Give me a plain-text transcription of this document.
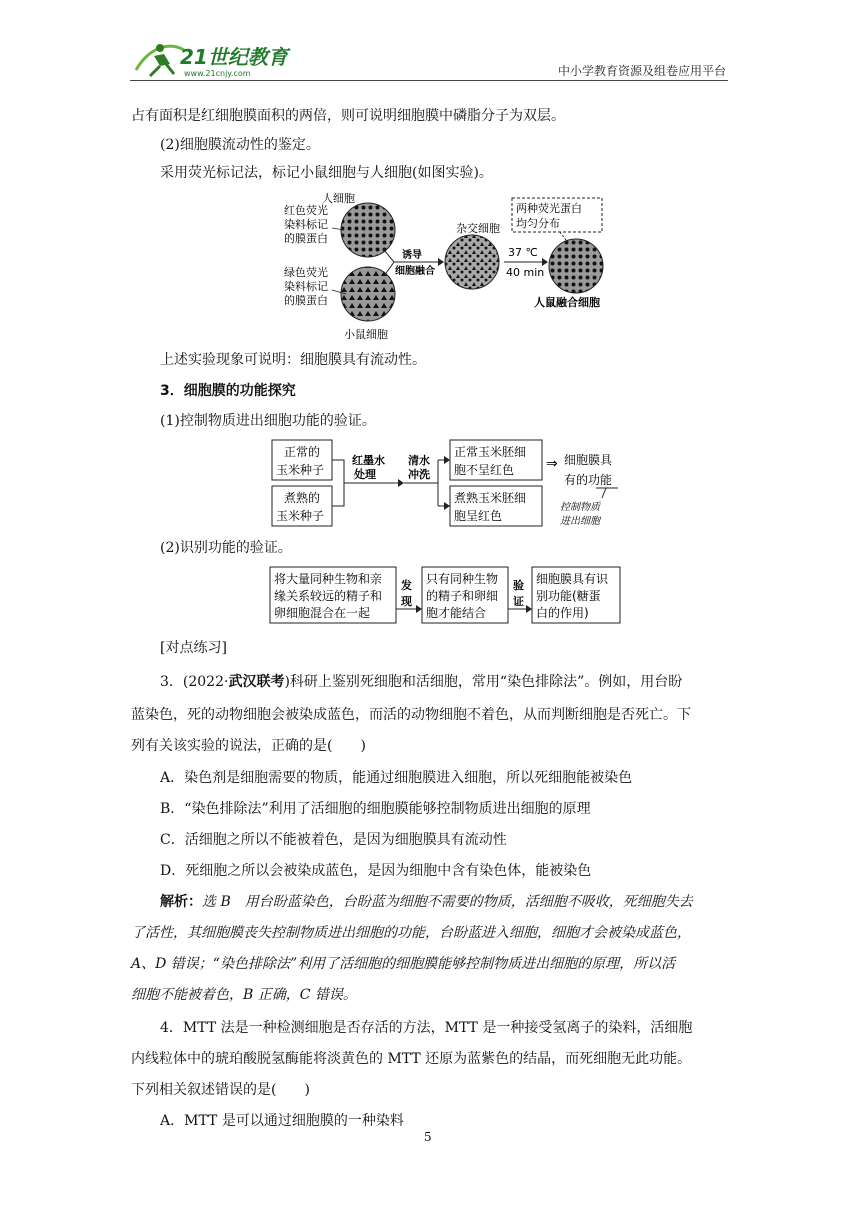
21世纪教育
www.21cnjy.com	中小学教育资源及组卷应用平台
占有面积是红细胞膜面积的两倍，则可说明细胞膜中磷脂分子为双层。
(2)细胞膜流动性的鉴定。
采用荧光标记法，标记小鼠细胞与人细胞(如图实验)。
红色荧光
染料标记
的膜蛋白
人细胞
绿色荧光
染料标记
的膜蛋白
小鼠细胞
诱导
细胞融合
杂交细胞
37 ℃
40 min
两种荧光蛋白
均匀分布
人鼠融合细胞
上述实验现象可说明：细胞膜具有流动性。
3．细胞膜的功能探究
(1)控制物质进出细胞功能的验证。
正常的
玉米种子
煮熟的
玉米种子
红墨水
处理
清水
冲洗
正常玉米胚细
胞不呈红色
煮熟玉米胚细
胞呈红色
⇒ 细胞膜具
有的功能
控制物质
进出细胞
(2)识别功能的验证。
将大量同种生物和亲
缘关系较远的精子和
卵细胞混合在一起
发
现
只有同种生物
的精子和卵细
胞才能结合
验
证
细胞膜具有识
别功能(糖蛋
白的作用)
[对点练习]
3．(2022·武汉联考)科研上鉴别死细胞和活细胞，常用“染色排除法”。例如，用台盼
蓝染色，死的动物细胞会被染成蓝色，而活的动物细胞不着色，从而判断细胞是否死亡。下
列有关该实验的说法，正确的是(　　)
A．染色剂是细胞需要的物质，能通过细胞膜进入细胞，所以死细胞能被染色
B．“染色排除法”利用了活细胞的细胞膜能够控制物质进出细胞的原理
C．活细胞之所以不能被着色，是因为细胞膜具有流动性
D．死细胞之所以会被染成蓝色，是因为细胞中含有染色体，能被染色
解析：选 B　用台盼蓝染色，台盼蓝为细胞不需要的物质，活细胞不吸收，死细胞失去
了活性，其细胞膜丧失控制物质进出细胞的功能，台盼蓝进入细胞，细胞才会被染成蓝色，
A、D 错误；“染色排除法”利用了活细胞的细胞膜能够控制物质进出细胞的原理，所以活
细胞不能被着色，B 正确，C 错误。
4．MTT 法是一种检测细胞是否存活的方法，MTT 是一种接受氢离子的染料，活细胞
内线粒体中的琥珀酸脱氢酶能将淡黄色的 MTT 还原为蓝紫色的结晶，而死细胞无此功能。
下列相关叙述错误的是(　　)
A．MTT 是可以通过细胞膜的一种染料
5
